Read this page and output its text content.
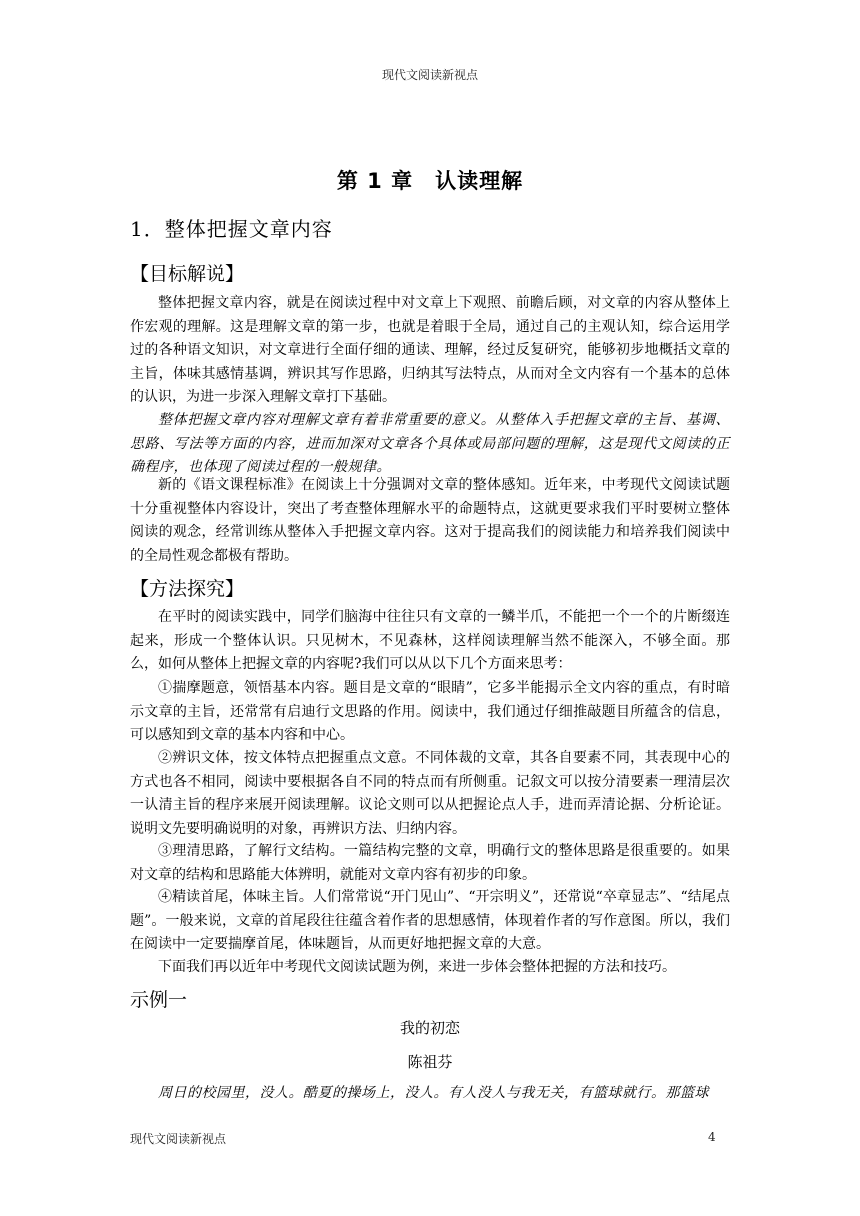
现代文阅读新视点
第 1 章　认读理解
1．整体把握文章内容
【目标解说】

整体把握文章内容，就是在阅读过程中对文章上下观照、前瞻后顾，对文章的内容从整体上作宏观的理解。这是理解文章的第一步，也就是着眼于全局，通过自己的主观认知，综合运用学过的各种语文知识，对文章进行全面仔细的通读、理解，经过反复研究，能够初步地概括文章的主旨，体味其感情基调，辨识其写作思路，归纳其写法特点，从而对全文内容有一个基本的总体的认识，为进一步深入理解文章打下基础。

整体把握文章内容对理解文章有着非常重要的意义。从整体入手把握文章的主旨、基调、思路、写法等方面的内容，进而加深对文章各个具体或局部问题的理解，这是现代文阅读的正确程序，也体现了阅读过程的一般规律。

新的《语文课程标准》在阅读上十分强调对文章的整体感知。近年来，中考现代文阅读试题十分重视整体内容设计，突出了考查整体理解水平的命题特点，这就更要求我们平时要树立整体阅读的观念，经常训练从整体入手把握文章内容。这对于提高我们的阅读能力和培养我们阅读中的全局性观念都极有帮助。

【方法探究】

在平时的阅读实践中，同学们脑海中往往只有文章的一鳞半爪，不能把一个一个的片断缀连起来，形成一个整体认识。只见树木，不见森林，这样阅读理解当然不能深入，不够全面。那么，如何从整体上把握文章的内容呢?我们可以从以下几个方面来思考：

①揣摩题意，领悟基本内容。题目是文章的“眼睛”，它多半能揭示全文内容的重点，有时暗示文章的主旨，还常常有启迪行文思路的作用。阅读中，我们通过仔细推敲题目所蕴含的信息，可以感知到文章的基本内容和中心。

②辨识文体，按文体特点把握重点文意。不同体裁的文章，其各自要素不同，其表现中心的方式也各不相同，阅读中要根据各自不同的特点而有所侧重。记叙文可以按分清要素一理清层次一认清主旨的程序来展开阅读理解。议论文则可以从把握论点人手，进而弄清论据、分析论证。说明文先要明确说明的对象，再辨识方法、归纳内容。

③理清思路，了解行文结构。一篇结构完整的文章，明确行文的整体思路是很重要的。如果对文章的结构和思路能大体辨明，就能对文章内容有初步的印象。

④精读首尾，体味主旨。人们常常说“开门见山”、“开宗明义”，还常说“卒章显志”、“结尾点题”。一般来说，文章的首尾段往往蕴含着作者的思想感情，体现着作者的写作意图。所以，我们在阅读中一定要揣摩首尾，体味题旨，从而更好地把握文章的大意。

下面我们再以近年中考现代文阅读试题为例，来进一步体会整体把握的方法和技巧。

示例一
我的初恋
陈祖芬

周日的校园里，没人。酷夏的操场上，没人。有人没人与我无关，有篮球就行。那篮球

现代文阅读新视点	4
